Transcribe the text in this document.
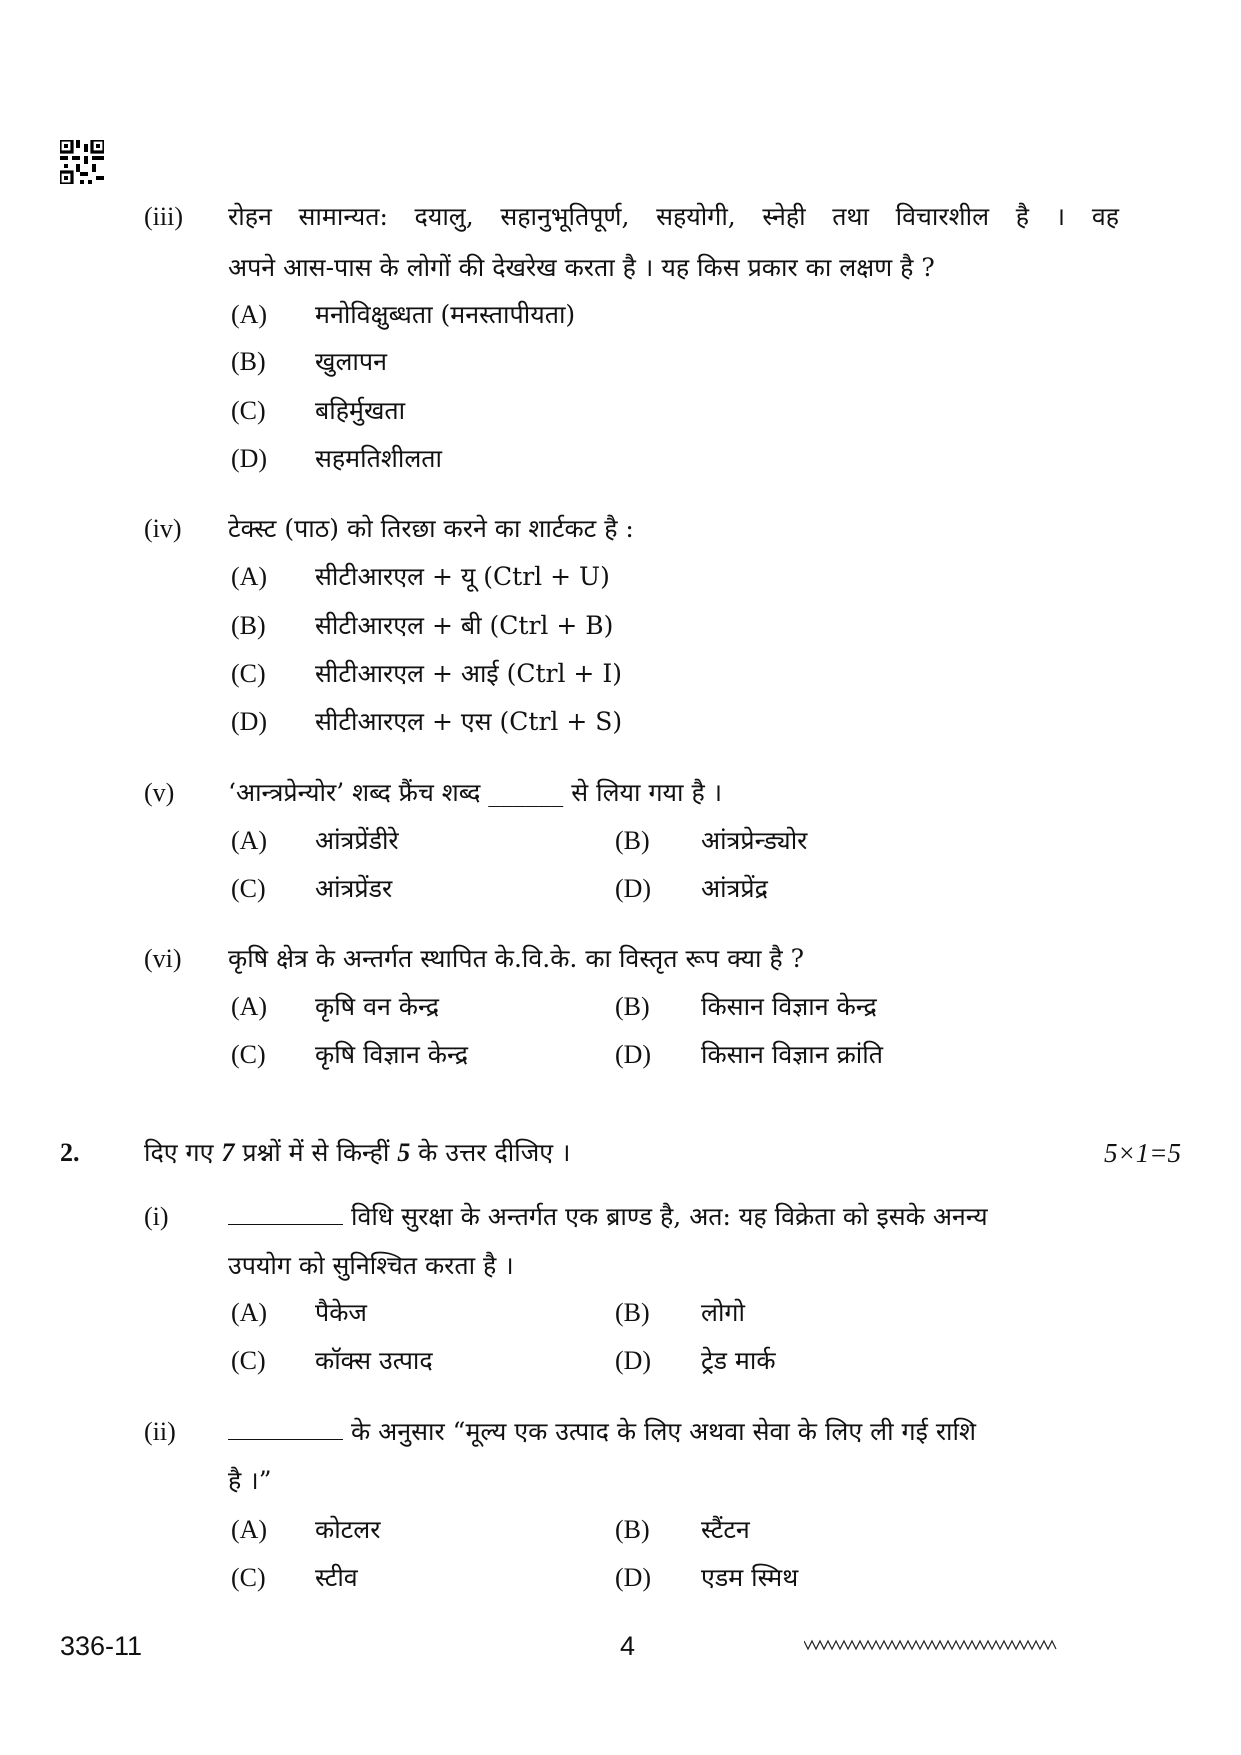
(iii) रोहन सामान्यत: दयालु, सहानुभूतिपूर्ण, सहयोगी, स्नेही तथा विचारशील है । वह
अपने आस-पास के लोगों की देखरेख करता है । यह किस प्रकार का लक्षण है ?
(A) मनोविक्षुब्धता (मनस्तापीयता)
(B) खुलापन
(C) बहिर्मुखता
(D) सहमतिशीलता
(iv) टेक्स्ट (पाठ) को तिरछा करने का शार्टकट है :
(A) सीटीआरएल + यू (Ctrl + U)
(B) सीटीआरएल + बी (Ctrl + B)
(C) सीटीआरएल + आई (Ctrl + I)
(D) सीटीआरएल + एस (Ctrl + S)
(v) ‘आन्त्रप्रेन्योर’ शब्द फ्रैंच शब्द ______ से लिया गया है ।
(A) आंत्रप्रेंडीरे	(B) आंत्रप्रेन्ड्योर
(C) आंत्रप्रेंडर	(D) आंत्रप्रेंद्र
(vi) कृषि क्षेत्र के अन्तर्गत स्थापित के.वि.के. का विस्तृत रूप क्या है ?
(A) कृषि वन केन्द्र	(B) किसान विज्ञान केन्द्र
(C) कृषि विज्ञान केन्द्र	(D) किसान विज्ञान क्रांति
2.	दिए गए 7 प्रश्नों में से किन्हीं 5 के उत्तर दीजिए ।	5×1=5
(i)	विधि सुरक्षा के अन्तर्गत एक ब्राण्ड है, अत: यह विक्रेता को इसके अनन्य
उपयोग को सुनिश्चित करता है ।
(A) पैकेज	(B) लोगो
(C) कॉक्स उत्पाद	(D) ट्रेड मार्क
(ii)	के अनुसार “मूल्य एक उत्पाद के लिए अथवा सेवा के लिए ली गई राशि
है ।”
(A) कोटलर	(B) स्टैंटन
(C) स्टीव	(D) एडम स्मिथ
336-11	4
